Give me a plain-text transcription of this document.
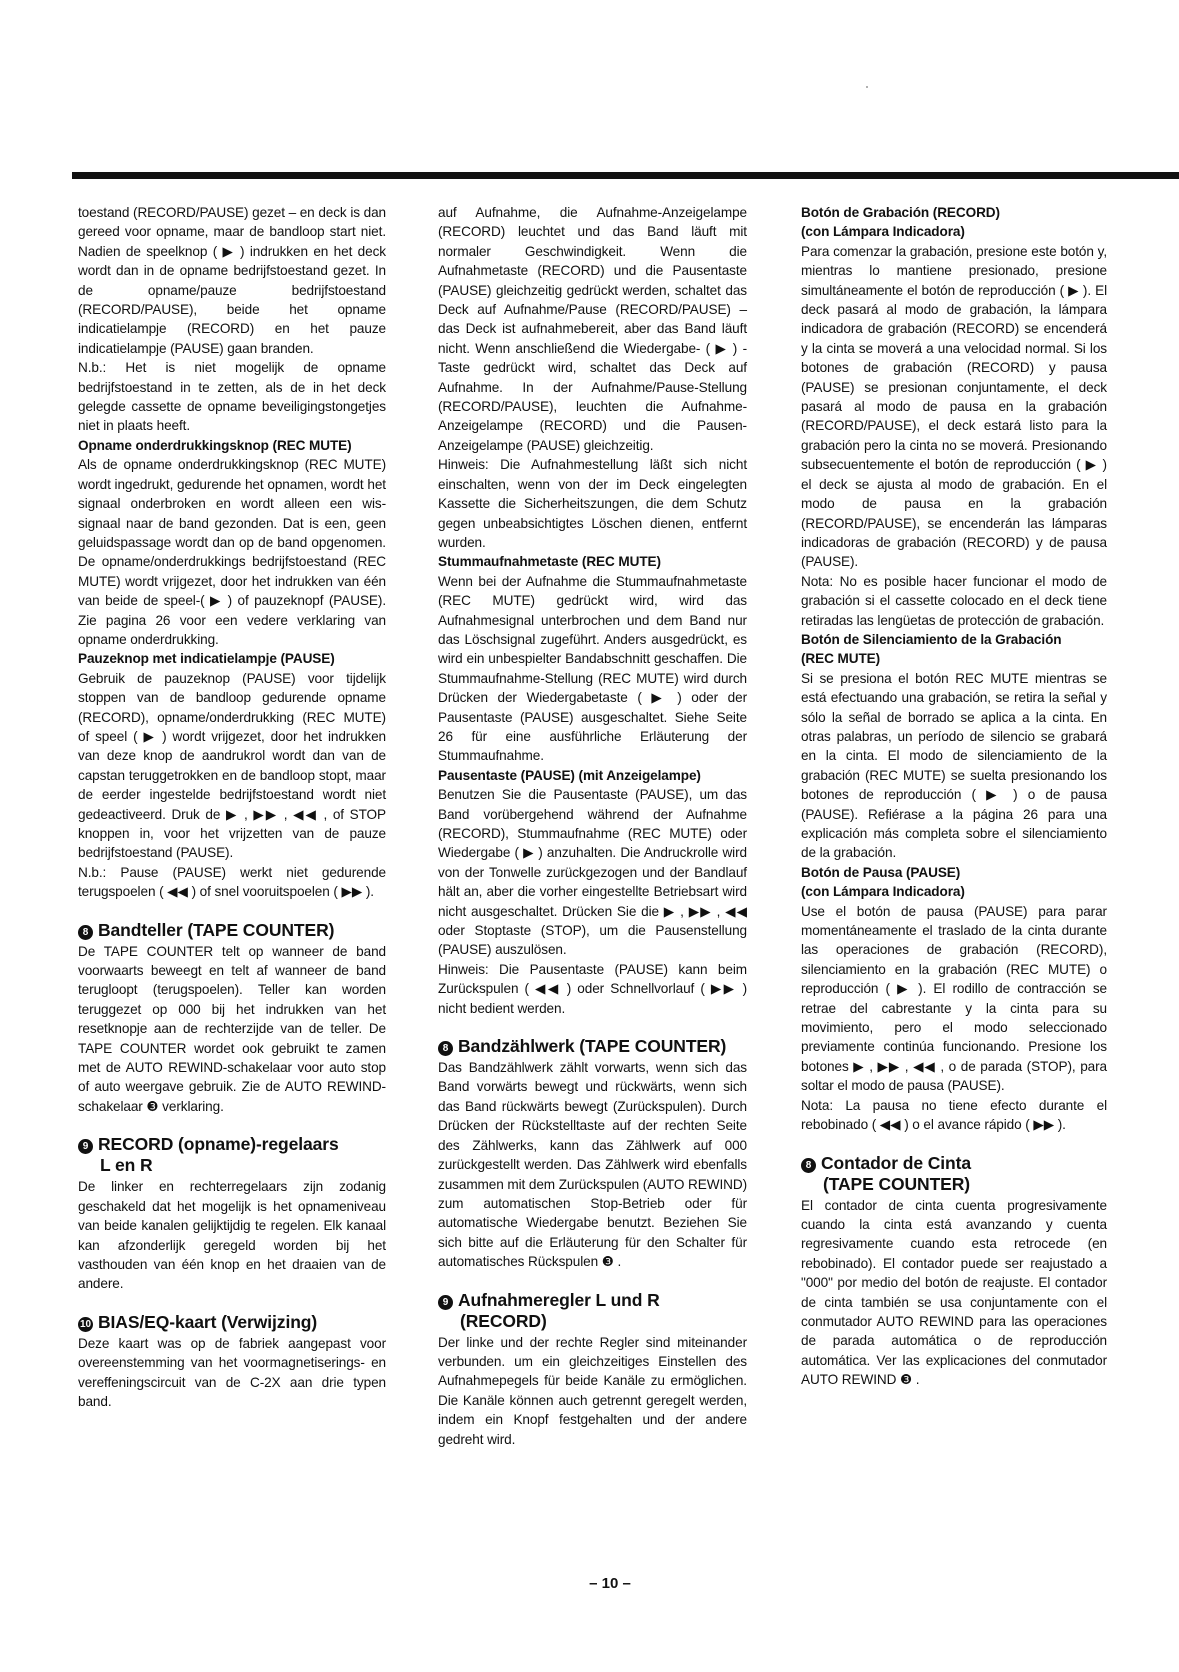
toestand (RECORD/PAUSE) gezet – en deck is dan gereed voor opname, maar de bandloop start niet. Nadien de speelknop ( ▶ ) indrukken en het deck wordt dan in de opname bedrijfstoestand gezet. In de opname/pauze bedrijfstoestand (RECORD/PAUSE), beide het opname indicatielampje (RECORD) en het pauze indicatielampje (PAUSE) gaan branden.

N.b.: Het is niet mogelijk de opname bedrijfstoestand in te zetten, als de in het deck gelegde cassette de opname beveiligingstongetjes niet in plaats heeft.

Opname onderdrukkingsknop (REC MUTE)

Als de opname onderdrukkingsknop (REC MUTE) wordt ingedrukt, gedurende het opnamen, wordt het signaal onderbroken en wordt alleen een wis-signaal naar de band gezonden. Dat is een, geen geluidspassage wordt dan op de band opgenomen. De opname/onderdrukkings bedrijfstoestand (REC MUTE) wordt vrijgezet, door het indrukken van één van beide de speel-( ▶ ) of pauzeknopf (PAUSE). Zie pagina 26 voor een vedere verklaring van opname onderdrukking.

Pauzeknop met indicatielampje (PAUSE)

Gebruik de pauzeknop (PAUSE) voor tijdelijk stoppen van de bandloop gedurende opname (RECORD), opname/onderdrukking (REC MUTE) of speel ( ▶ ) wordt vrijgezet, door het indrukken van deze knop de aandrukrol wordt dan van de capstan teruggetrokken en de bandloop stopt, maar de eerder ingestelde bedrijfstoestand wordt niet gedeactiveerd. Druk de ▶ , ▶▶ , ◀◀ , of STOP knoppen in, voor het vrijzetten van de pauze bedrijfstoestand (PAUSE).

N.b.: Pause (PAUSE) werkt niet gedurende terugspoelen ( ◀◀ ) of snel vooruitspoelen ( ▶▶ ).

8 Bandteller (TAPE COUNTER)

De TAPE COUNTER telt op wanneer de band voorwaarts beweegt en telt af wanneer de band terugloopt (terugspoelen). Teller kan worden teruggezet op 000 bij het indrukken van het resetknopje aan de rechterzijde van de teller. De TAPE COUNTER wordet ook gebruikt te zamen met de AUTO REWIND-schakelaar voor auto stop of auto weergave gebruik. Zie de AUTO REWIND-schakelaar ❸ verklaring.

9 RECORD (opname)-regelaars
L en R

De linker en rechterregelaars zijn zodanig geschakeld dat het mogelijk is het opnameniveau van beide kanalen gelijktijdig te regelen. Elk kanaal kan afzonderlijk geregeld worden bij het vasthouden van één knop en het draaien van de andere.

10 BIAS/EQ-kaart (Verwijzing)

Deze kaart was op de fabriek aangepast voor overeenstemming van het voormagnetiserings- en vereffeningscircuit van de C-2X aan drie typen band.

auf Aufnahme, die Aufnahme-Anzeigelampe (RECORD) leuchtet und das Band läuft mit normaler Geschwindigkeit. Wenn die Aufnahmetaste (RECORD) und die Pausentaste (PAUSE) gleichzeitig gedrückt werden, schaltet das Deck auf Aufnahme/Pause (RECORD/PAUSE) – das Deck ist aufnahmebereit, aber das Band läuft nicht. Wenn anschließend die Wiedergabe- ( ▶ ) -Taste gedrückt wird, schaltet das Deck auf Aufnahme. In der Aufnahme/Pause-Stellung (RECORD/PAUSE), leuchten die Aufnahme-Anzeigelampe (RECORD) und die Pausen-Anzeigelampe (PAUSE) gleichzeitig.

Hinweis: Die Aufnahmestellung läßt sich nicht einschalten, wenn von der im Deck eingelegten Kassette die Sicherheitszungen, die dem Schutz gegen unbeabsichtigtes Löschen dienen, entfernt wurden.

Stummaufnahmetaste (REC MUTE)

Wenn bei der Aufnahme die Stummaufnahmetaste (REC MUTE) gedrückt wird, wird das Aufnahmesignal unterbrochen und dem Band nur das Löschsignal zugeführt. Anders ausgedrückt, es wird ein unbespielter Bandabschnitt geschaffen. Die Stummaufnahme-Stellung (REC MUTE) wird durch Drücken der Wiedergabetaste ( ▶ ) oder der Pausentaste (PAUSE) ausgeschaltet. Siehe Seite 26 für eine ausführliche Erläuterung der Stummaufnahme.

Pausentaste (PAUSE) (mit Anzeigelampe)

Benutzen Sie die Pausentaste (PAUSE), um das Band vorübergehend während der Aufnahme (RECORD), Stummaufnahme (REC MUTE) oder Wiedergabe ( ▶ ) anzuhalten. Die Andruckrolle wird von der Tonwelle zurückgezogen und der Bandlauf hält an, aber die vorher eingestellte Betriebsart wird nicht ausgeschaltet. Drücken Sie die ▶ , ▶▶ , ◀◀ oder Stoptaste (STOP), um die Pausenstellung (PAUSE) auszulösen.

Hinweis: Die Pausentaste (PAUSE) kann beim Zurückspulen ( ◀◀ ) oder Schnellvorlauf ( ▶▶ ) nicht bedient werden.

8 Bandzählwerk (TAPE COUNTER)

Das Bandzählwerk zählt vorwarts, wenn sich das Band vorwärts bewegt und rückwärts, wenn sich das Band rückwärts bewegt (Zurückspulen). Durch Drücken der Rückstelltaste auf der rechten Seite des Zählwerks, kann das Zählwerk auf 000 zurückgestellt werden. Das Zählwerk wird ebenfalls zusammen mit dem Zurückspulen (AUTO REWIND) zum automatischen Stop-Betrieb oder für automatische Wiedergabe benutzt. Beziehen Sie sich bitte auf die Erläuterung für den Schalter für automatisches Rückspulen ❸ .

9 Aufnahmeregler L und R
(RECORD)

Der linke und der rechte Regler sind miteinander verbunden. um ein gleichzeitiges Einstellen des Aufnahmepegels für beide Kanäle zu ermöglichen. Die Kanäle können auch getrennt geregelt werden, indem ein Knopf festgehalten und der andere gedreht wird.

Botón de Grabación (RECORD)

(con Lámpara Indicadora)

Para comenzar la grabación, presione este botón y, mientras lo mantiene presionado, presione simultáneamente el botón de reproducción ( ▶ ). El deck pasará al modo de grabación, la lámpara indicadora de grabación (RECORD) se encenderá y la cinta se moverá a una velocidad normal. Si los botones de grabación (RECORD) y pausa (PAUSE) se presionan conjuntamente, el deck pasará al modo de pausa en la grabación (RECORD/PAUSE), el deck estará listo para la grabación pero la cinta no se moverá. Presionando subsecuentemente el botón de reproducción ( ▶ ) el deck se ajusta al modo de grabación. En el modo de pausa en la grabación (RECORD/PAUSE), se encenderán las lámparas indicadoras de grabación (RECORD) y de pausa (PAUSE).

Nota: No es posible hacer funcionar el modo de grabación si el cassette colocado en el deck tiene retiradas las lengüetas de protección de grabación.

Botón de Silenciamiento de la Grabación

(REC MUTE)

Si se presiona el botón REC MUTE mientras se está efectuando una grabación, se retira la señal y sólo la señal de borrado se aplica a la cinta. En otras palabras, un período de silencio se grabará en la cinta. El modo de silenciamiento de la grabación (REC MUTE) se suelta presionando los botones de reproducción ( ▶ ) o de pausa (PAUSE). Refiérase a la página 26 para una explicación más completa sobre el silenciamiento de la grabación.

Botón de Pausa (PAUSE)

(con Lámpara Indicadora)

Use el botón de pausa (PAUSE) para parar momentáneamente el traslado de la cinta durante las operaciones de grabación (RECORD), silenciamiento en la grabación (REC MUTE) o reproducción ( ▶ ). El rodillo de contracción se retrae del cabrestante y la cinta para su movimiento, pero el modo seleccionado previamente continúa funcionando. Presione los botones ▶ , ▶▶ , ◀◀ , o de parada (STOP), para soltar el modo de pausa (PAUSE).

Nota: La pausa no tiene efecto durante el rebobinado ( ◀◀ ) o el avance rápido ( ▶▶ ).

8 Contador de Cinta
(TAPE COUNTER)

El contador de cinta cuenta progresivamente cuando la cinta está avanzando y cuenta regresivamente cuando esta retrocede (en rebobinado). El contador puede ser reajustado a "000" por medio del botón de reajuste. El contador de cinta también se usa conjuntamente con el conmutador AUTO REWIND para las operaciones de parada automática o de reproducción automática. Ver las explicaciones del conmutador AUTO REWIND ❸ .

– 10 –
